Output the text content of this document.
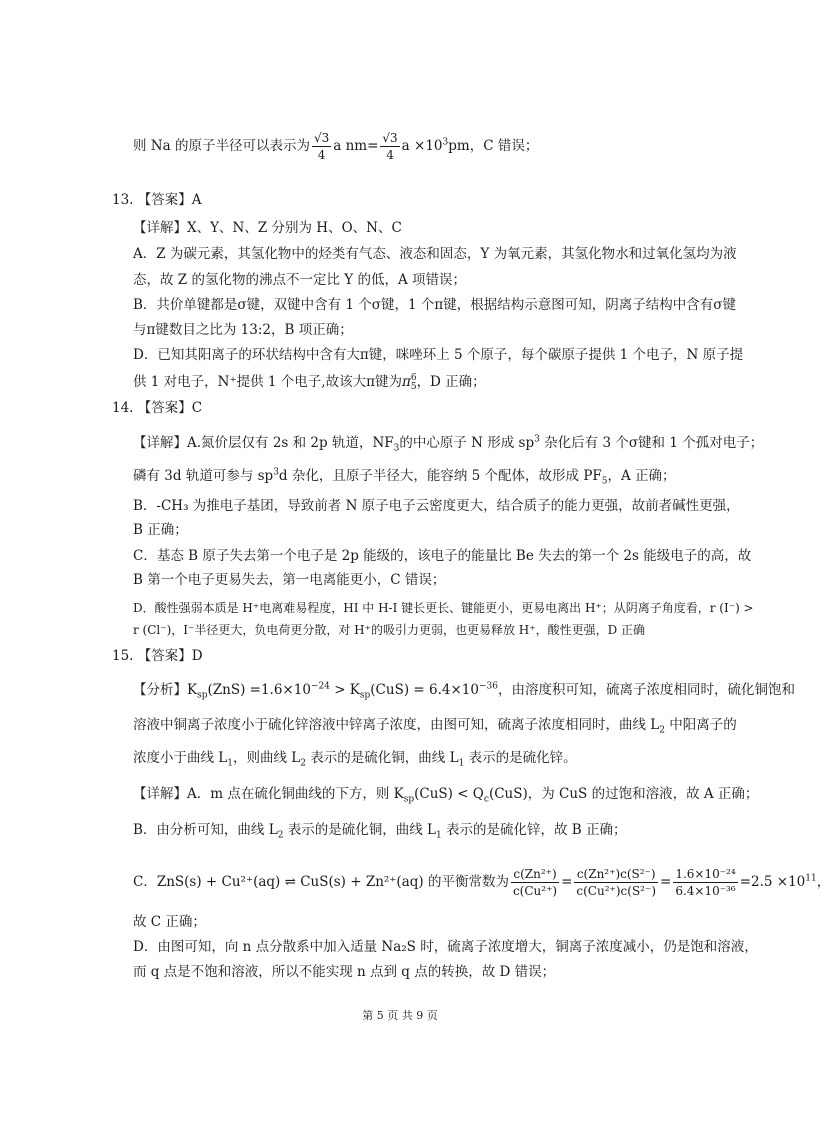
则 Na 的原子半径可以表示为 $\frac{√3}{4}$ a $nm= \frac{√3}{4}$ $a \times 10^3pm$，C 错误；
13. 【答案】A
【详解】X、Y、N、Z 分别为 H、O、N、C
A．Z 为碳元素，其氢化物中的烃类有气态、液态和固态，Y 为氧元素，其氢化物水和过氧化氢均为液
态，故 Z 的氢化物的沸点不一定比 Y 的低，A 项错误；
B．共价单键都是σ键，双键中含有 1 个σ键，1 个π键，根据结构示意图可知，阴离子结构中含有σ键
与π键数目之比为 13:2，B 项正确；
D．已知其阳离子的环状结构中含有大π键，咪唑环上 5 个原子，每个碳原子提供 1 个电子，N 原子提
供 1 对电子，N⁺提供 1 个电子,故该大π键为π 6
5 ，D 正确；
14. 【答案】C
【详解】A.氮价层仅有 2s 和 2p 轨道，$NF_3$的中心原子 N 形成 $sp^3$ 杂化后有 3 个σ键和 1 个孤对电子；
磷有 3d 轨道可参与 $sp^3d$ 杂化，且原子半径大，能容纳 5 个配体，故形成 $PF_5$，A 正确；
B．-CH₃ 为推电子基团，导致前者 N 原子电子云密度更大，结合质子的能力更强，故前者碱性更强，
B 正确；
C．基态 B 原子失去第一个电子是 2p 能级的，该电子的能量比 Be 失去的第一个 2s 能级电子的高，故
B 第一个电子更易失去，第一电离能更小，C 错误；
D．酸性强弱本质是 H⁺电离难易程度，HI 中 H-I 键长更长、键能更小，更易电离出 H⁺；从阴离子角度看，r (I⁻) >
r (Cl⁻)，I⁻半径更大，负电荷更分散，对 H⁺的吸引力更弱，也更易释放 H⁺，酸性更强，D 正确
15. 【答案】D
【分析】$K_{sp}(ZnS) =1.6\times 10^{-24} > K_{sp}(CuS) = 6.4\times 10^{-36}$，由溶度积可知，硫离子浓度相同时，硫化铜饱和
溶液中铜离子浓度小于硫化锌溶液中锌离子浓度，由图可知，硫离子浓度相同时，曲线 $L_2$ 中阳离子的
浓度小于曲线 $L_1$，则曲线 $L_2$ 表示的是硫化铜，曲线 $L_1$ 表示的是硫化锌。
【详解】A．m 点在硫化铜曲线的下方，则 $K_{sp}(CuS) < Q_c(CuS)$，为 CuS 的过饱和溶液，故 A 正确；
B．由分析可知，曲线 $L_2$ 表示的是硫化铜，曲线 $L_1$ 表示的是硫化锌，故 B 正确；
C．ZnS(s) + Cu²⁺(aq) ⇌ CuS(s) + Zn²⁺(aq) 的平衡常数为 $\frac{\text{c(Zn²⁺)}}{\text{c(Cu²⁺)}} = \frac{\text{c(Zn²⁺)c(S²⁻)}}{\text{c(Cu²⁺)c(S²⁻)}} = \frac{\text{1.6×10⁻²⁴}}{\text{6.4×10⁻³⁶}} =2.5 \times 10^{11}$，
故 C 正确；
D．由图可知，向 n 点分散系中加入适量 Na₂S 时，硫离子浓度增大，铜离子浓度减小，仍是饱和溶液，
而 q 点是不饱和溶液，所以不能实现 n 点到 q 点的转换，故 D 错误；
第 5 页 共 9 页
